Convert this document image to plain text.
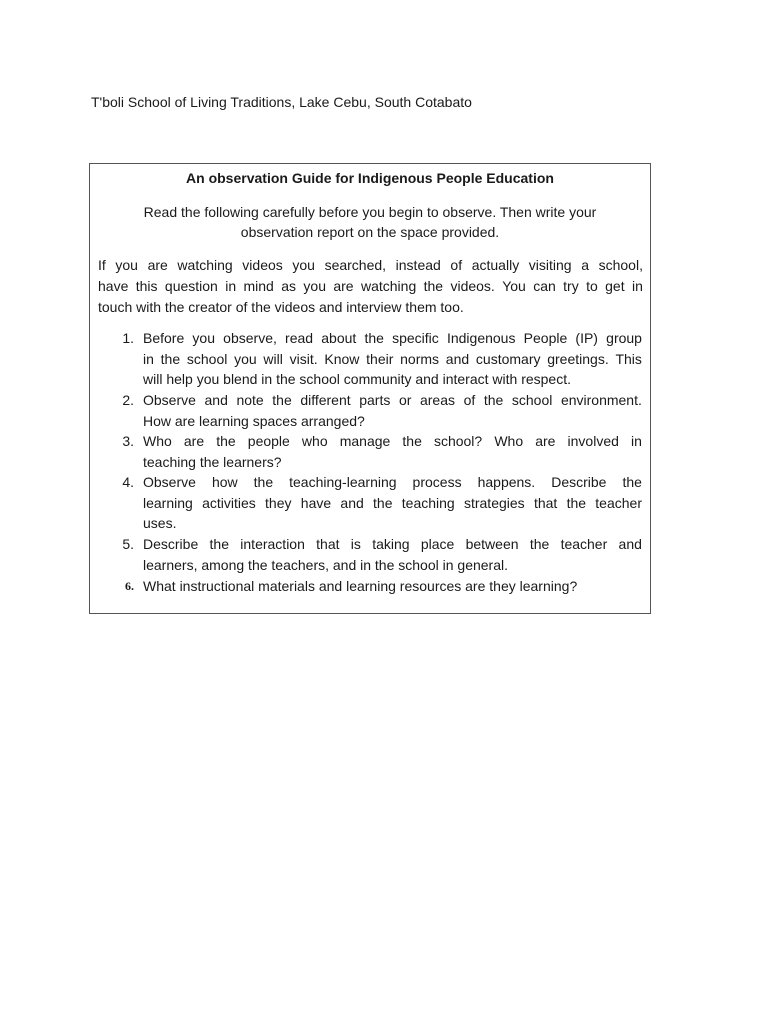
T'boli School of Living Traditions, Lake Cebu, South Cotabato
An observation Guide for Indigenous People Education
Read the following carefully before you begin to observe. Then write your
observation report on the space provided.
If you are watching videos you searched, instead of actually visiting a school,
have this question in mind as you are watching the videos. You can try to get in
touch with the creator of the videos and interview them too.
1. Before you observe, read about the specific Indigenous People (IP) group
in the school you will visit. Know their norms and customary greetings. This
will help you blend in the school community and interact with respect.
2. Observe and note the different parts or areas of the school environment.
How are learning spaces arranged?
3. Who are the people who manage the school? Who are involved in
teaching the learners?
4. Observe how the teaching-learning process happens. Describe the
learning activities they have and the teaching strategies that the teacher
uses.
5. Describe the interaction that is taking place between the teacher and
learners, among the teachers, and in the school in general.
6. What instructional materials and learning resources are they learning?
